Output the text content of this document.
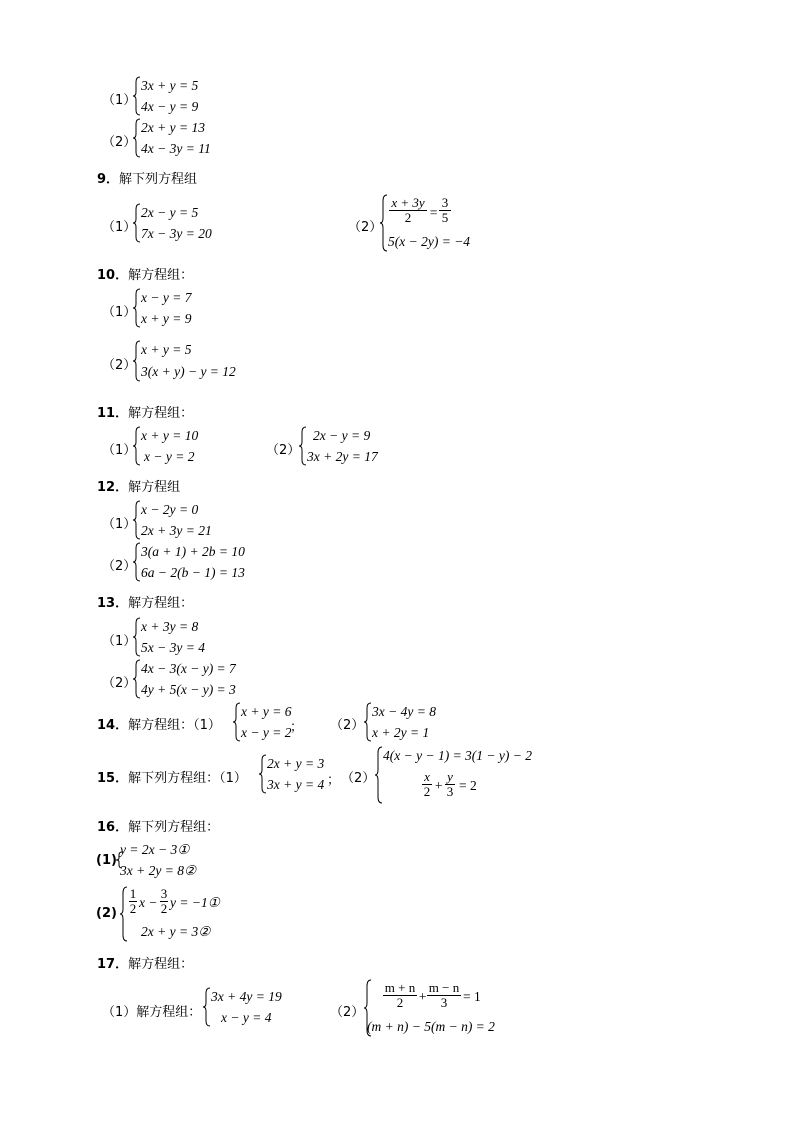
（1）
3x + y = 5
4x − y = 9
（2）
2x + y = 13
4x − 3y = 11
9．解下列方程组
（1）
2x − y = 5
7x − 3y = 20	（2）
x + 3y
2	=
3
5
5(x − 2y) = −4
10．解方程组：
（1）
x − y = 7
x + y = 9
（2）
x + y = 5
3(x + y) − y = 12
11．解方程组：
（1）
x + y = 10
x − y = 2	（2）
2x − y = 9
3x + 2y = 17
12．解方程组
（1）
x − 2y = 0
2x + 3y = 21
（2）
3(a + 1) + 2b = 10
6a − 2(b − 1) = 13
13．解方程组：
（1）
x + 3y = 8
5x − 3y = 4
（2）
4x − 3(x − y) = 7
4y + 5(x − y) = 3
14．解方程组：（1）
x + y = 6
x − y = 2
； （2）
3x − 4y = 8
x + 2y = 1
15．解下列方程组：（1）
2x + y = 3
3x + y = 4 ； （2）
4(x − y − 1) = 3(1 − y) − 2
x
2 +
y
3 = 2
16．解下列方程组：
(1)
y = 2x − 3①
3x + 2y = 8②
(2)
1
2 x −
3
2 y = −1①
2x + y = 3②
17．解方程组：
（1）解方程组：
3x + 4y = 19
x − y = 4	（2）
m + n
2	+
m − n
3	= 1
(m + n) − 5(m − n) = 2
